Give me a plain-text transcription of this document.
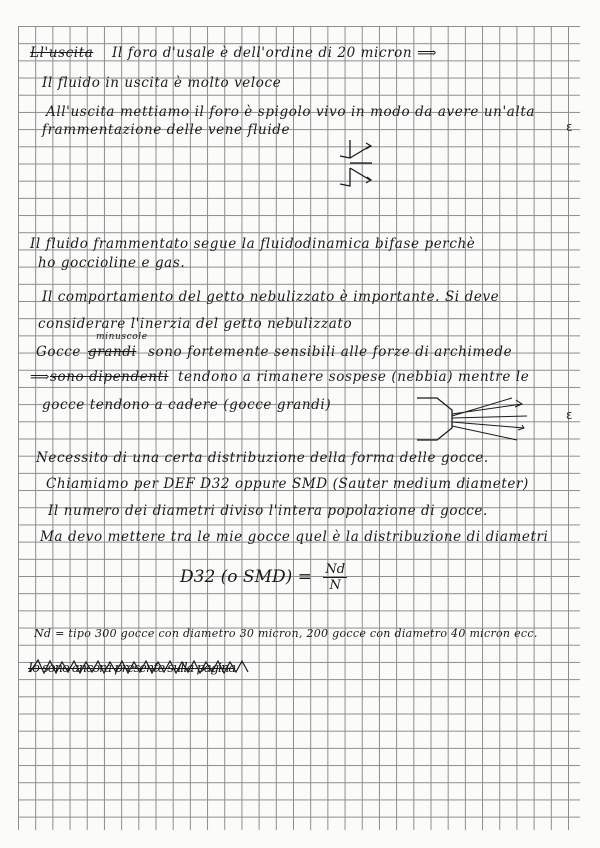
Ll'uscita Il foro d'usale è dell'ordine di 20 micron ⟹
Il fluido in uscita è molto veloce
All'uscita mettiamo il foro è spigolo vivo in modo da avere un'alta
frammentazione delle vene fluide
Il fluido frammentato segue la fluidodinamica bifase perchè
ho goccioline e gas.
Il comportamento del getto nebulizzato è importante. Si deve
considerare l'inerzia del getto nebulizzato
Gocce grandi
minuscole
sono fortemente sensibili alle forze di archimede
⟹ sono dipendenti tendono a rimanere sospese (nebbia) mentre le
gocce tendono a cadere (gocce grandi)
Necessito di una certa distribuzione della forma delle gocce.
Chiamiamo per DEF D32 oppure SMD (Sauter medium diameter)
Il numero dei diametri diviso l'intera popolazione di gocce.
Ma devo mettere tra le mie gocce quel è la distribuzione di diametri
D32 (o $SMD) = \frac{Nd}{N}$
Nd = tipo 300 gocce con diametro 30 micron, 200 gocce con diametro 40 micron ecc.
Io sono ancora presente sulla pagina
ε
ε
